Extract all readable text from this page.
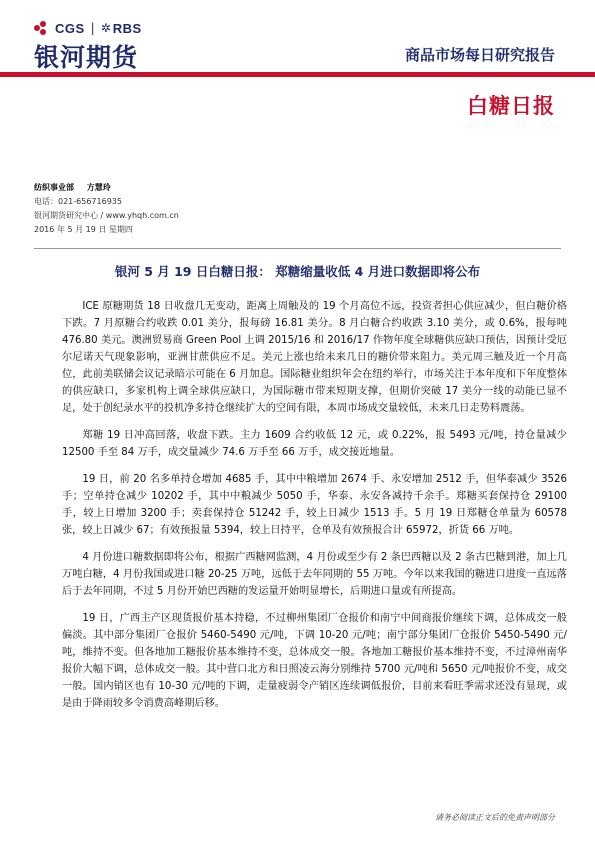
CGS | ✲ RBS
银河期货	商品市场每日研究报告
白糖日报
纺织事业部 方慧玲
电话：021-656716935
银河期货研究中心 / www.yhqh.com.cn
2016 年 5 月 19 日 星期四
银河 5 月 19 日白糖日报： 郑糖缩量收低 4 月进口数据即将公布

ICE 原糖期货 18 日收盘几无变动，距离上周触及的 19 个月高位不远，投资者担心供应减少，但白糖价格下跌。7 月原糖合约收跌 0.01 美分，报每磅 16.81 美分。8 月白糖合约收跌 3.10 美分，或 0.6%，报每吨 476.80 美元。澳洲贸易商 Green Pool 上调 2015/16 和 2016/17 作物年度全球糖供应缺口预估，因预计受厄尔尼诺天气现象影响，亚洲甘蔗供应不足。美元上涨也给未来几日的糖价带来阻力。美元周三触及近一个月高位，此前美联储会议记录暗示可能在 6 月加息。国际糖业组织年会在纽约举行，市场关注于本年度和下年度整体的供应缺口，多家机构上调全球供应缺口，为国际糖市带来短期支撑，但期价突破 17 美分一线的动能已显不足，处于创纪录水平的投机净多持仓继续扩大的空间有限，本周市场成交量较低，未来几日走势料震荡。

郑糖 19 日冲高回落，收盘下跌。主力 1609 合约收低 12 元，或 0.22%，报 5493 元/吨，持仓量减少 12500 手至 84 万手，成交量减少 74.6 万手至 66 万手，成交接近地量。

19 日，前 20 名多单持仓增加 4685 手，其中中粮增加 2674 手、永安增加 2512 手，但华泰减少 3526 手；空单持仓减少 10202 手，其中中粮减少 5050 手，华泰、永安各减持千余手。郑糖买套保持仓 29100 手，较上日增加 3200 手；卖套保持仓 51242 手，较上日减少 1513 手。5 月 19 日郑糖仓单量为 60578 张，较上日减少 67；有效预报量 5394，较上日持平，仓单及有效预报合计 65972，折货 66 万吨。

4 月份进口糖数据即将公布，根据广西糖网监测，4 月份或至少有 2 条巴西糖以及 2 条古巴糖到港，加上几万吨白糖，4 月份我国或进口糖 20-25 万吨，远低于去年同期的 55 万吨。今年以来我国的糖进口进度一直远落后于去年同期，不过 5 月份开始巴西糖的发运量开始明显增长，后期进口量或有所提高。

19 日，广西主产区现货报价基本持稳，不过柳州集团厂仓报价和南宁中间商报价继续下调，总体成交一般偏淡。其中部分集团厂仓报价 5460-5490 元/吨，下调 10-20 元/吨；南宁部分集团厂仓报价 5450-5490 元/吨，维持不变。但各地加工糖报价基本维持不变，总体成交一般。各地加工糖报价基本维持不变，不过漳州南华报价大幅下调，总体成交一般。其中营口北方和日照凌云海分别维持 5700 元/吨和 5650 元/吨报价不变，成交一般。国内销区也有 10-30 元/吨的下调，走量疲弱令产销区连续调低报价，目前来看旺季需求还没有显现，或是由于降雨较多令消费高峰期后移。

请务必阅读正文后的免责声明部分
